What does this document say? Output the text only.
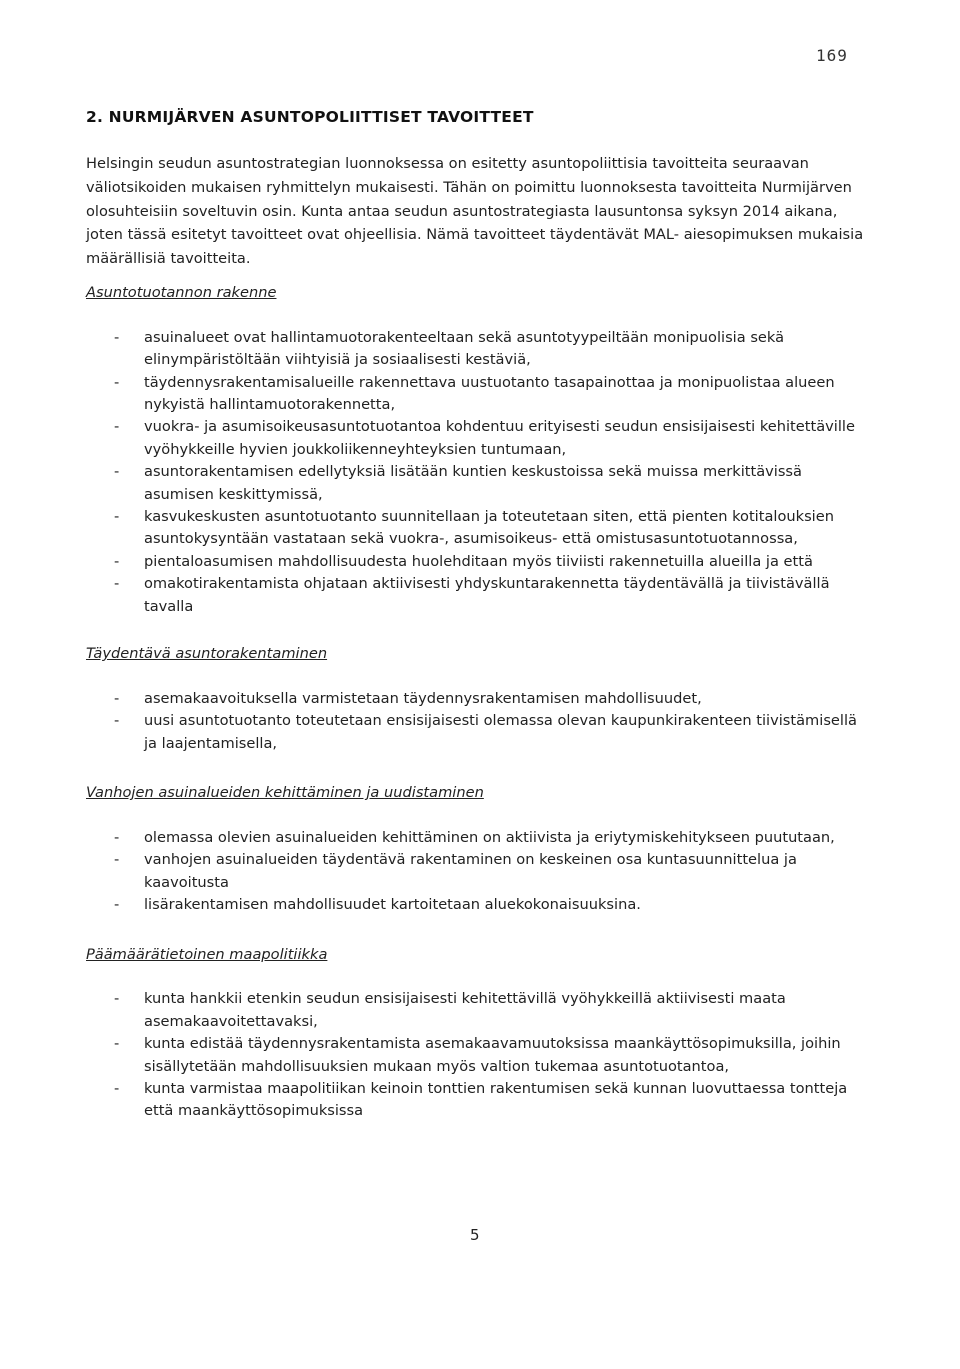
169
2. NURMIJÄRVEN ASUNTOPOLIITTISET TAVOITTEET

Helsingin seudun asuntostrategian luonnoksessa on esitetty asuntopoliittisia tavoitteita seuraavan väliotsikoiden mukaisen ryhmittelyn mukaisesti. Tähän on poimittu luonnoksesta tavoitteita Nurmijärven olosuhteisiin soveltuvin osin. Kunta antaa seudun asuntostrategiasta lausuntonsa syksyn 2014 aikana, joten tässä esitetyt tavoitteet ovat ohjeellisia. Nämä tavoitteet täydentävät MAL- aiesopimuksen mukaisia määrällisiä tavoitteita.

Asuntotuotannon rakenne
- asuinalueet ovat hallintamuotorakenteeltaan sekä asuntotyypeiltään monipuolisia sekä elinympäristöltään viihtyisiä ja sosiaalisesti kestäviä,
- täydennysrakentamisalueille rakennettava uustuotanto tasapainottaa ja monipuolistaa alueen nykyistä hallintamuotorakennetta,
- vuokra- ja asumisoikeusasuntotuotantoa kohdentuu erityisesti seudun ensisijaisesti kehitettäville vyöhykkeille hyvien joukkoliikenneyhteyksien tuntumaan,
- asuntorakentamisen edellytyksiä lisätään kuntien keskustoissa sekä muissa merkittävissä asumisen keskittymissä,
- kasvukeskusten asuntotuotanto suunnitellaan ja toteutetaan siten, että pienten kotitalouksien asuntokysyntään vastataan sekä vuokra-, asumisoikeus- että omistusasuntotuotannossa,
- pientaloasumisen mahdollisuudesta huolehditaan myös tiiviisti rakennetuilla alueilla ja että
- omakotirakentamista ohjataan aktiivisesti yhdyskuntarakennetta täydentävällä ja tiivistävällä tavalla
Täydentävä asuntorakentaminen
- asemakaavoituksella varmistetaan täydennysrakentamisen mahdollisuudet,
- uusi asuntotuotanto toteutetaan ensisijaisesti olemassa olevan kaupunkirakenteen tiivistämisellä ja laajentamisella,
Vanhojen asuinalueiden kehittäminen ja uudistaminen
- olemassa olevien asuinalueiden kehittäminen on aktiivista ja eriytymiskehitykseen puututaan,
- vanhojen asuinalueiden täydentävä rakentaminen on keskeinen osa kuntasuunnittelua ja kaavoitusta
- lisärakentamisen mahdollisuudet kartoitetaan aluekokonaisuuksina.
Päämäärätietoinen maapolitiikka
- kunta hankkii etenkin seudun ensisijaisesti kehitettävillä vyöhykkeillä aktiivisesti maata asemakaavoitettavaksi,
- kunta edistää täydennysrakentamista asemakaavamuutoksissa maankäyttösopimuksilla, joihin sisällytetään mahdollisuuksien mukaan myös valtion tukemaa asuntotuotantoa,
- kunta varmistaa maapolitiikan keinoin tonttien rakentumisen sekä kunnan luovuttaessa tontteja että maankäyttösopimuksissa
5
